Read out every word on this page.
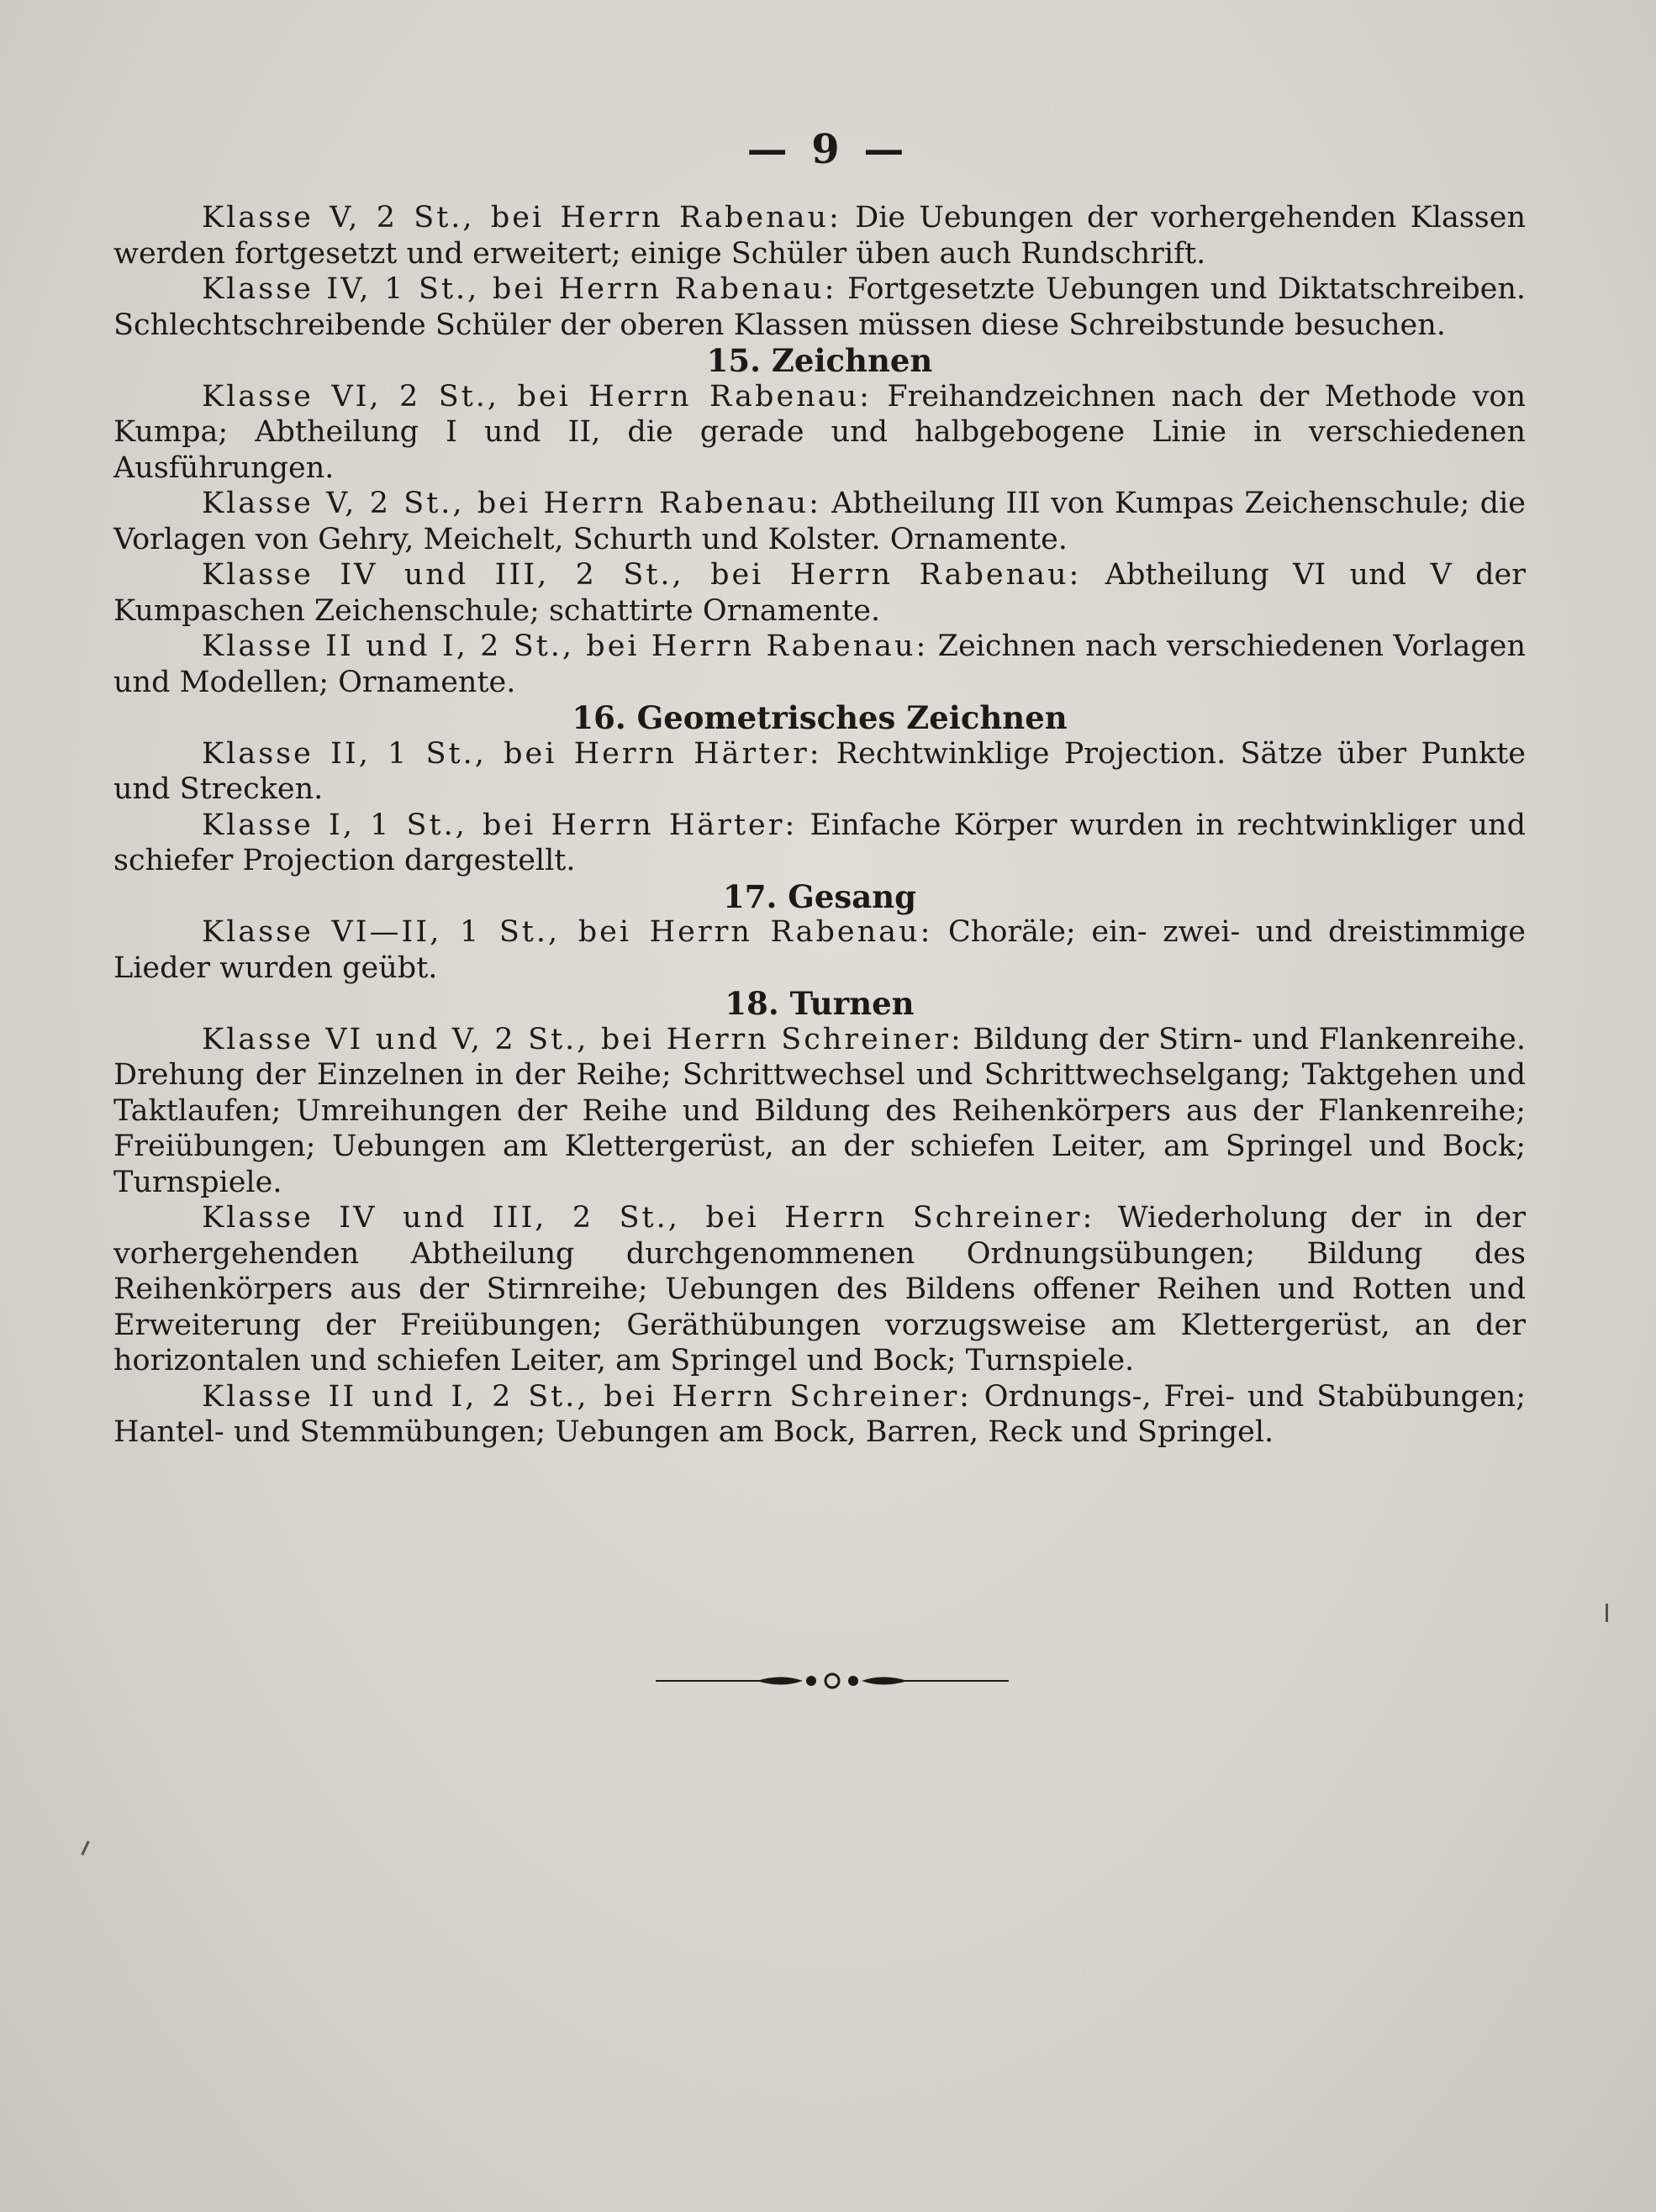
— 9 —

Klasse V, 2 St., bei Herrn Rabenau: Die Uebungen der vorhergehenden Klassen werden fortgesetzt und erweitert; einige Schüler üben auch Rundschrift.

Klasse IV, 1 St., bei Herrn Rabenau: Fortgesetzte Uebungen und Diktatschreiben. Schlechtschreibende Schüler der oberen Klassen müssen diese Schreibstunde besuchen.

15. Zeichnen

Klasse VI, 2 St., bei Herrn Rabenau: Freihandzeichnen nach der Methode von Kumpa; Abtheilung I und II, die gerade und halbgebogene Linie in verschiedenen Ausführungen.

Klasse V, 2 St., bei Herrn Rabenau: Abtheilung III von Kumpas Zeichenschule; die Vorlagen von Gehry, Meichelt, Schurth und Kolster. Ornamente.

Klasse IV und III, 2 St., bei Herrn Rabenau: Abtheilung VI und V der Kumpaschen Zeichenschule; schattirte Ornamente.

Klasse II und I, 2 St., bei Herrn Rabenau: Zeichnen nach verschiedenen Vorlagen und Modellen; Ornamente.

16. Geometrisches Zeichnen

Klasse II, 1 St., bei Herrn Härter: Rechtwinklige Projection. Sätze über Punkte und Strecken.

Klasse I, 1 St., bei Herrn Härter: Einfache Körper wurden in rechtwinkliger und schiefer Projection dargestellt.

17. Gesang

Klasse VI—II, 1 St., bei Herrn Rabenau: Choräle; ein- zwei- und dreistimmige Lieder wurden geübt.

18. Turnen

Klasse VI und V, 2 St., bei Herrn Schreiner: Bildung der Stirn- und Flankenreihe. Drehung der Einzelnen in der Reihe; Schrittwechsel und Schrittwechselgang; Taktgehen und Taktlaufen; Umreihungen der Reihe und Bildung des Reihenkörpers aus der Flankenreihe; Freiübungen; Uebungen am Klettergerüst, an der schiefen Leiter, am Springel und Bock; Turnspiele.

Klasse IV und III, 2 St., bei Herrn Schreiner: Wiederholung der in der vorhergehenden Abtheilung durchgenommenen Ordnungsübungen; Bildung des Reihenkörpers aus der Stirnreihe; Uebungen des Bildens offener Reihen und Rotten und Erweiterung der Freiübungen; Geräthübungen vorzugsweise am Klettergerüst, an der horizontalen und schiefen Leiter, am Springel und Bock; Turnspiele.

Klasse II und I, 2 St., bei Herrn Schreiner: Ordnungs-, Frei- und Stabübungen; Hantel- und Stemmübungen; Uebungen am Bock, Barren, Reck und Springel.
